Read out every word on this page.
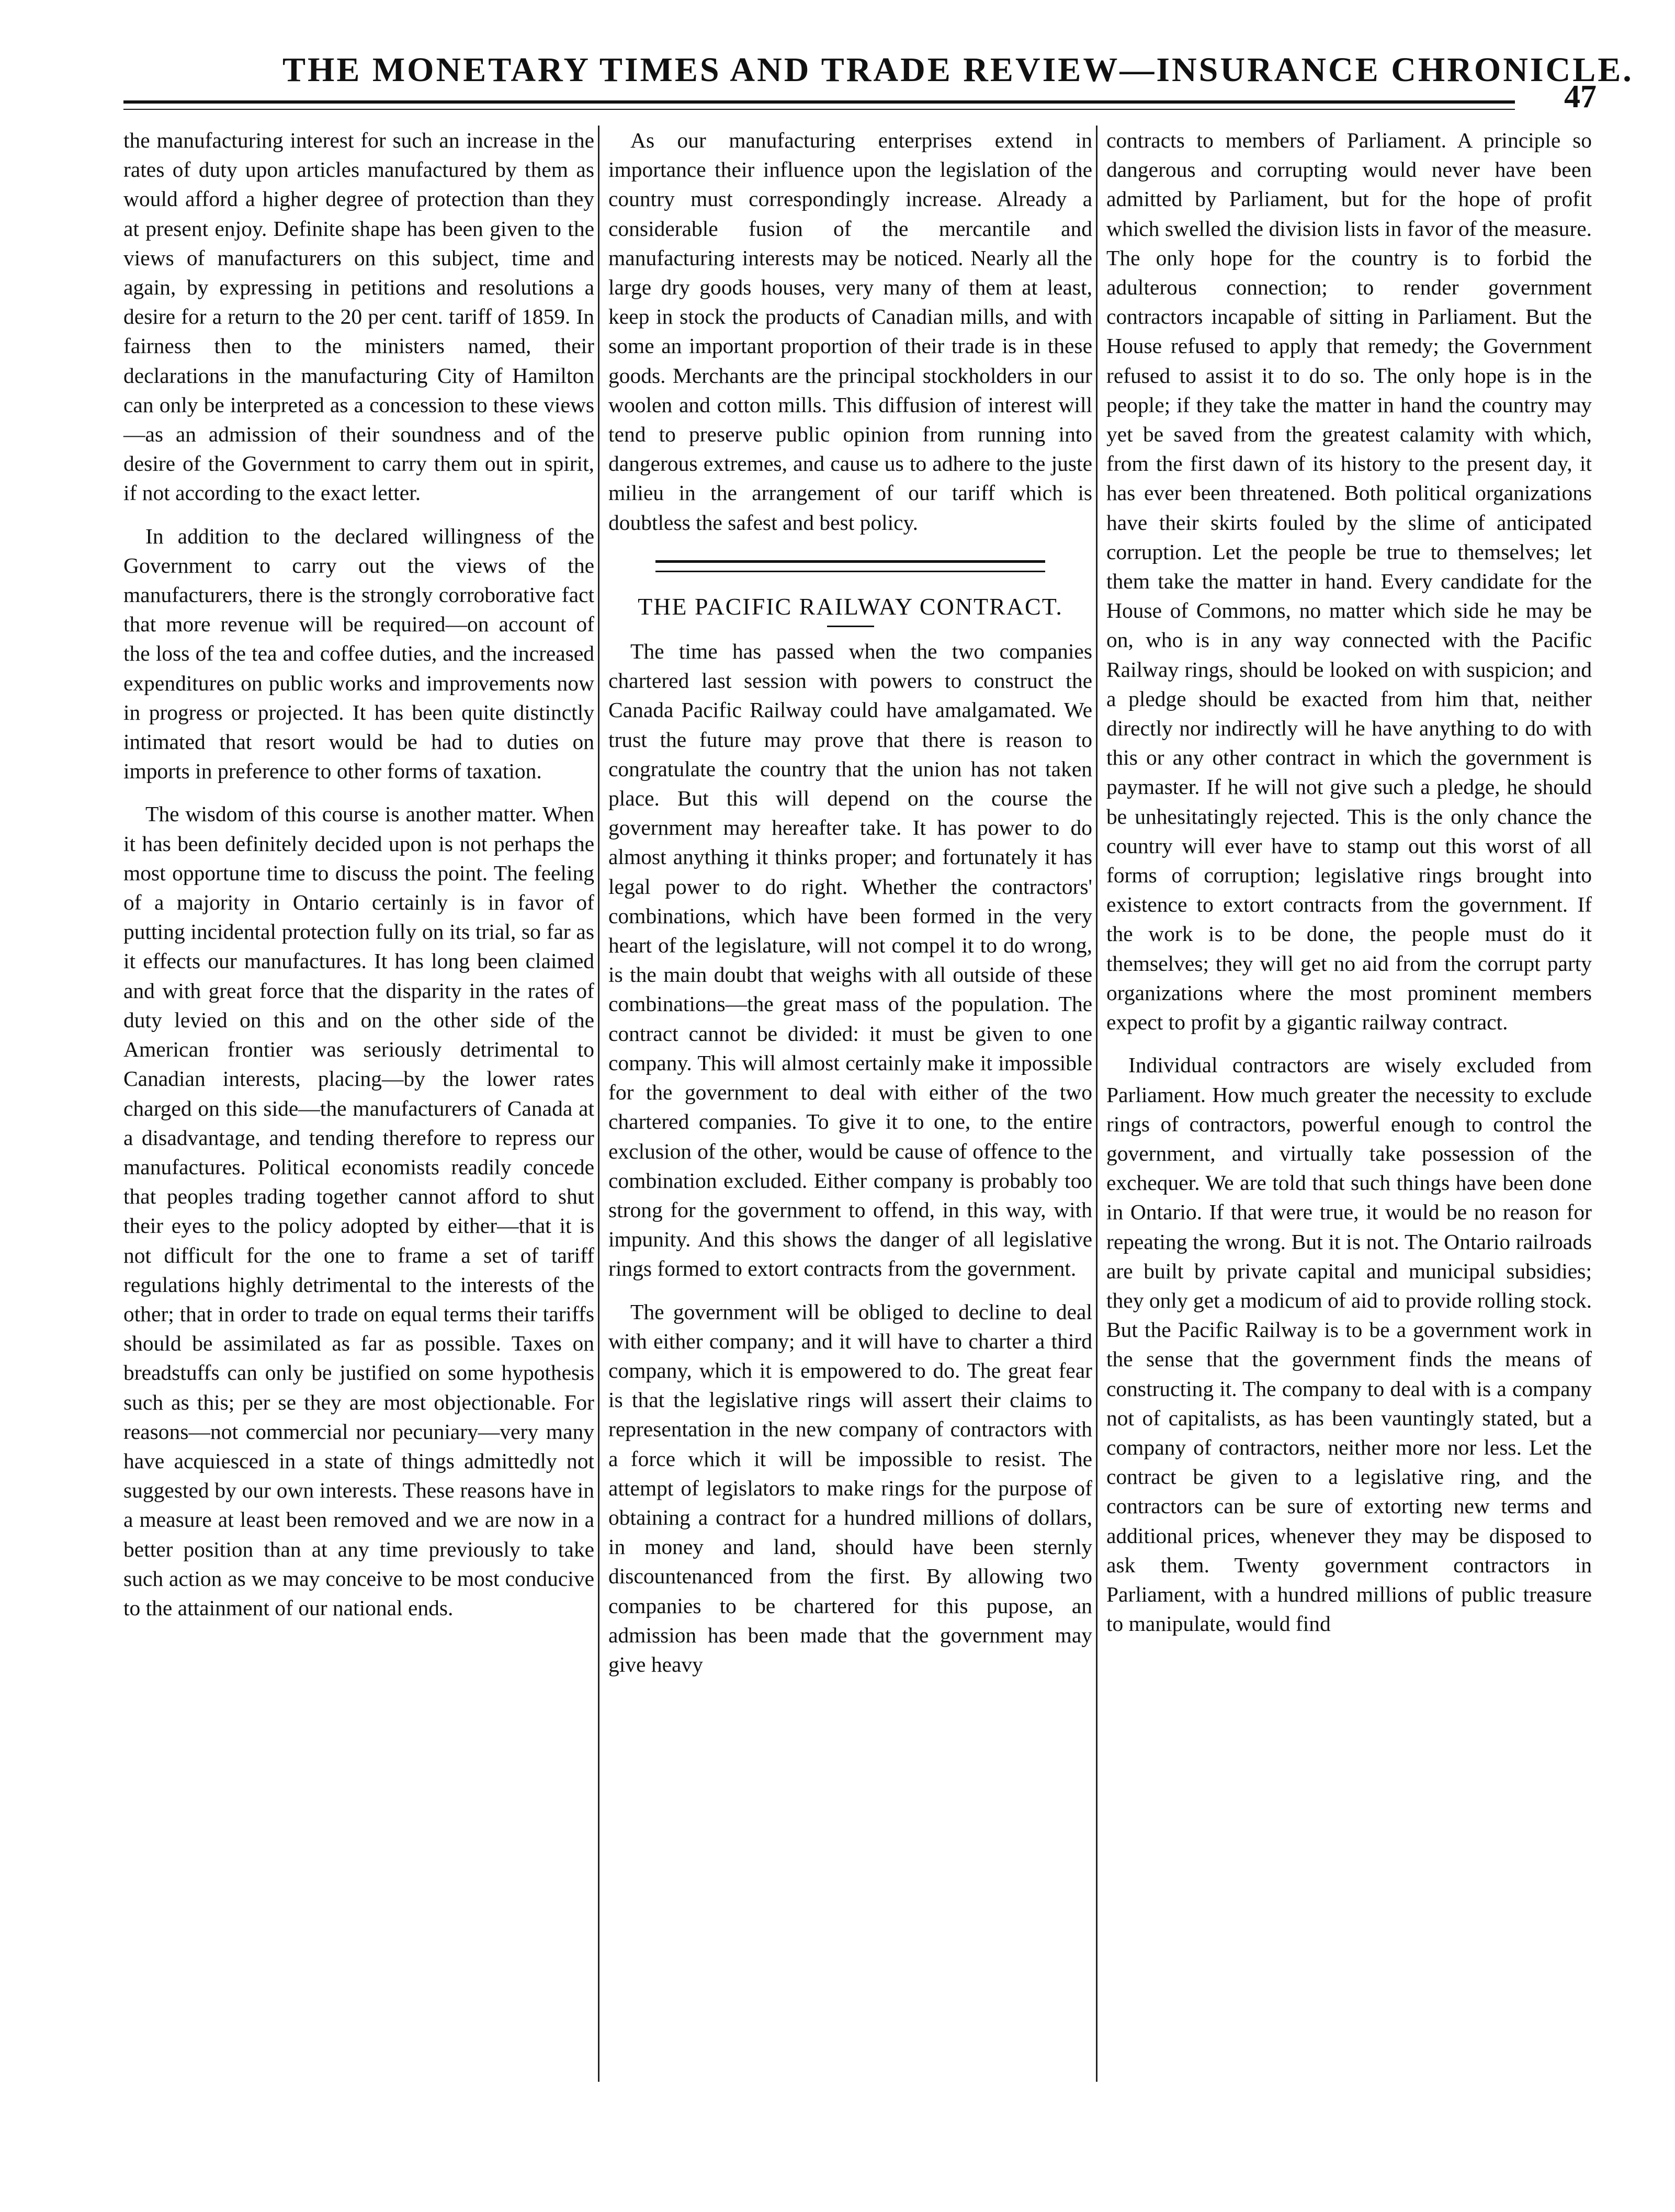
THE MONETARY TIMES AND TRADE REVIEW—INSURANCE CHRONICLE.
47

the manufacturing interest for such an increase in the rates of duty upon articles manufactured by them as would afford a higher degree of protection than they at present enjoy. Definite shape has been given to the views of manufacturers on this subject, time and again, by expressing in petitions and resolutions a desire for a return to the 20 per cent. tariff of 1859. In fairness then to the ministers named, their declarations in the manufacturing City of Hamilton can only be interpreted as a concession to these views—as an admission of their soundness and of the desire of the Government to carry them out in spirit, if not according to the exact letter.

In addition to the declared willingness of the Government to carry out the views of the manufacturers, there is the strongly corroborative fact that more revenue will be required—on account of the loss of the tea and coffee duties, and the increased expenditures on public works and improvements now in progress or projected. It has been quite distinctly intimated that resort would be had to duties on imports in preference to other forms of taxation.

The wisdom of this course is another matter. When it has been definitely decided upon is not perhaps the most opportune time to discuss the point. The feeling of a majority in Ontario certainly is in favor of putting incidental protection fully on its trial, so far as it effects our manufactures. It has long been claimed and with great force that the disparity in the rates of duty levied on this and on the other side of the American frontier was seriously detrimental to Canadian interests, placing—by the lower rates charged on this side—the manufacturers of Canada at a disadvantage, and tending therefore to repress our manufactures. Political economists readily concede that peoples trading together cannot afford to shut their eyes to the policy adopted by either—that it is not difficult for the one to frame a set of tariff regulations highly detrimental to the interests of the other; that in order to trade on equal terms their tariffs should be assimilated as far as possible. Taxes on breadstuffs can only be justified on some hypothesis such as this; per se they are most objectionable. For reasons—not commercial nor pecuniary—very many have acquiesced in a state of things admittedly not suggested by our own interests. These reasons have in a measure at least been removed and we are now in a better position than at any time previously to take such action as we may conceive to be most conducive to the attainment of our national ends.

As our manufacturing enterprises extend in importance their influence upon the legislation of the country must correspondingly increase. Already a considerable fusion of the mercantile and manufacturing interests may be noticed. Nearly all the large dry goods houses, very many of them at least, keep in stock the products of Canadian mills, and with some an important proportion of their trade is in these goods. Merchants are the principal stockholders in our woolen and cotton mills. This diffusion of interest will tend to preserve public opinion from running into dangerous extremes, and cause us to adhere to the juste milieu in the arrangement of our tariff which is doubtless the safest and best policy.

THE PACIFIC RAILWAY CONTRACT.

The time has passed when the two companies chartered last session with powers to construct the Canada Pacific Railway could have amalgamated. We trust the future may prove that there is reason to congratulate the country that the union has not taken place. But this will depend on the course the government may hereafter take. It has power to do almost anything it thinks proper; and fortunately it has legal power to do right. Whether the contractors' combinations, which have been formed in the very heart of the legislature, will not compel it to do wrong, is the main doubt that weighs with all outside of these combinations—the great mass of the population. The contract cannot be divided: it must be given to one company. This will almost certainly make it impossible for the government to deal with either of the two chartered companies. To give it to one, to the entire exclusion of the other, would be cause of offence to the combination excluded. Either company is probably too strong for the government to offend, in this way, with impunity. And this shows the danger of all legislative rings formed to extort contracts from the government.

The government will be obliged to decline to deal with either company; and it will have to charter a third company, which it is empowered to do. The great fear is that the legislative rings will assert their claims to representation in the new company of contractors with a force which it will be impossible to resist. The attempt of legislators to make rings for the purpose of obtaining a contract for a hundred millions of dollars, in money and land, should have been sternly discountenanced from the first. By allowing two companies to be chartered for this pupose, an admission has been made that the government may give heavy

contracts to members of Parliament. A principle so dangerous and corrupting would never have been admitted by Parliament, but for the hope of profit which swelled the division lists in favor of the measure. The only hope for the country is to forbid the adulterous connection; to render government contractors incapable of sitting in Parliament. But the House refused to apply that remedy; the Government refused to assist it to do so. The only hope is in the people; if they take the matter in hand the country may yet be saved from the greatest calamity with which, from the first dawn of its history to the present day, it has ever been threatened. Both political organizations have their skirts fouled by the slime of anticipated corruption. Let the people be true to themselves; let them take the matter in hand. Every candidate for the House of Commons, no matter which side he may be on, who is in any way connected with the Pacific Railway rings, should be looked on with suspicion; and a pledge should be exacted from him that, neither directly nor indirectly will he have anything to do with this or any other contract in which the government is paymaster. If he will not give such a pledge, he should be unhesitatingly rejected. This is the only chance the country will ever have to stamp out this worst of all forms of corruption; legislative rings brought into existence to extort contracts from the government. If the work is to be done, the people must do it themselves; they will get no aid from the corrupt party organizations where the most prominent members expect to profit by a gigantic railway contract.

Individual contractors are wisely excluded from Parliament. How much greater the necessity to exclude rings of contractors, powerful enough to control the government, and virtually take possession of the exchequer. We are told that such things have been done in Ontario. If that were true, it would be no reason for repeating the wrong. But it is not. The Ontario railroads are built by private capital and municipal subsidies; they only get a modicum of aid to provide rolling stock. But the Pacific Railway is to be a government work in the sense that the government finds the means of constructing it. The company to deal with is a company not of capitalists, as has been vauntingly stated, but a company of contractors, neither more nor less. Let the contract be given to a legislative ring, and the contractors can be sure of extorting new terms and additional prices, whenever they may be disposed to ask them. Twenty government contractors in Parliament, with a hundred millions of public treasure to manipulate, would find
